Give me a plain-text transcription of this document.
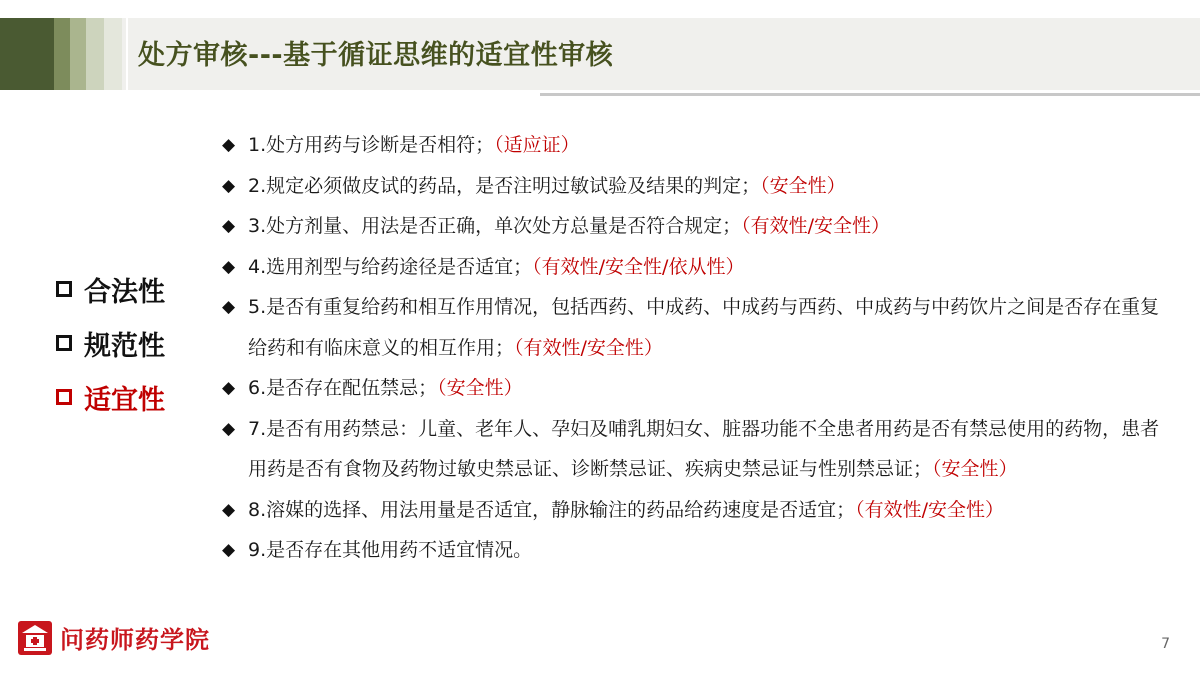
处方审核---基于循证思维的适宜性审核
合法性
规范性
适宜性
◆ 1.处方用药与诊断是否相符；（适应证）
◆ 2.规定必须做皮试的药品，是否注明过敏试验及结果的判定；（安全性）
◆ 3.处方剂量、用法是否正确，单次处方总量是否符合规定；（有效性/安全性）
◆ 4.选用剂型与给药途径是否适宜；（有效性/安全性/依从性）
◆ 5.是否有重复给药和相互作用情况，包括西药、中成药、中成药与西药、中成药与中药饮片之间是否存在重复给药和有临床意义的相互作用；（有效性/安全性）
◆ 6.是否存在配伍禁忌；（安全性）
◆ 7.是否有用药禁忌：儿童、老年人、孕妇及哺乳期妇女、脏器功能不全患者用药是否有禁忌使用的药物，患者用药是否有食物及药物过敏史禁忌证、诊断禁忌证、疾病史禁忌证与性别禁忌证；（安全性）
◆ 8.溶媒的选择、用法用量是否适宜，静脉输注的药品给药速度是否适宜；（有效性/安全性）
◆ 9.是否存在其他用药不适宜情况。
问药师药学院	7
